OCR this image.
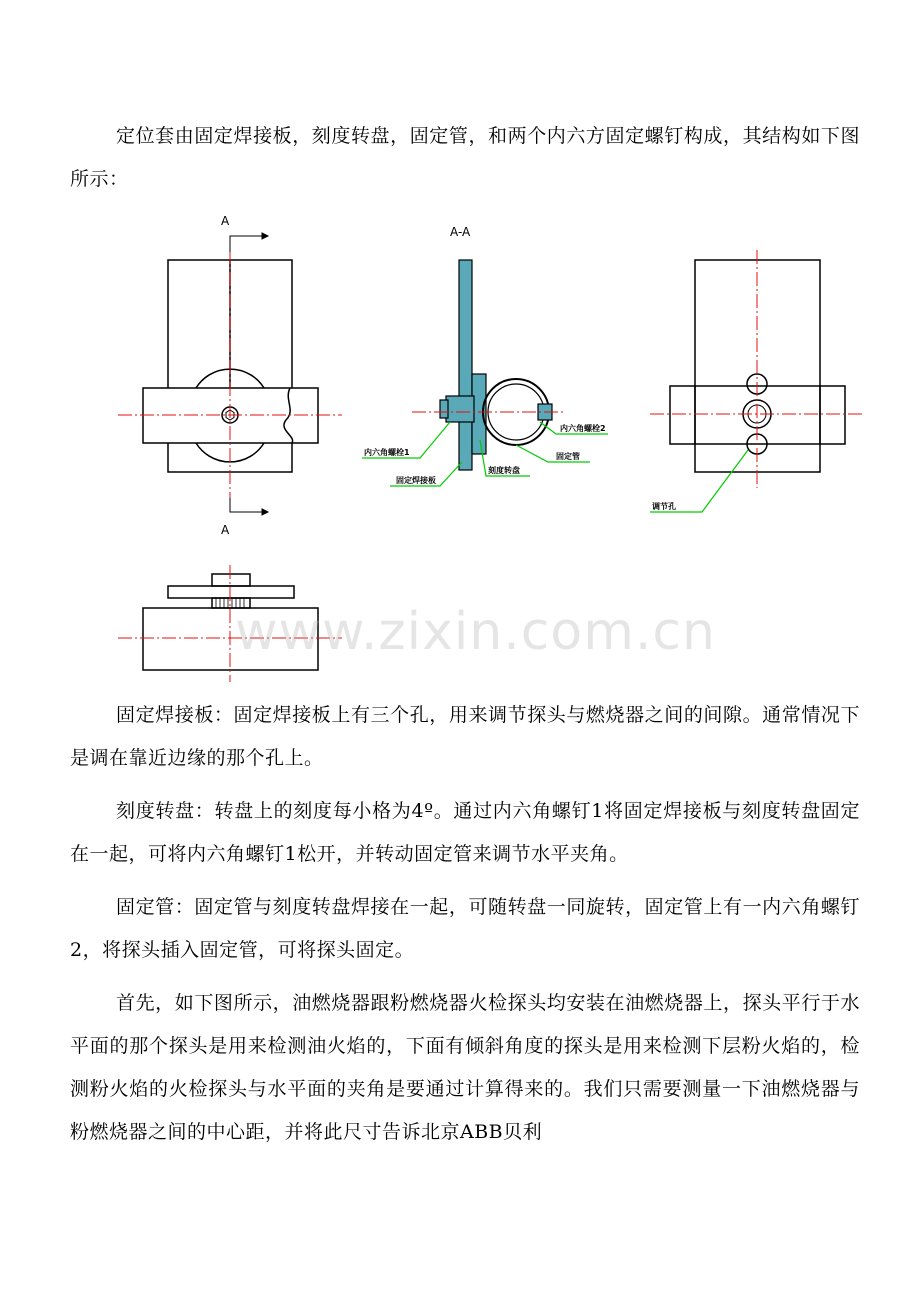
定位套由固定焊接板，刻度转盘，固定管，和两个内六方固定螺钉构成，其结构如下图所示：

A
A
A-A
内六角螺栓1
内六角螺栓2
固定焊接板
刻度转盘
固定管
调节孔
www.zixin.com.cn

固定焊接板：固定焊接板上有三个孔，用来调节探头与燃烧器之间的间隙。通常情况下是调在靠近边缘的那个孔上。

刻度转盘：转盘上的刻度每小格为4º。通过内六角螺钉1将固定焊接板与刻度转盘固定在一起，可将内六角螺钉1松开，并转动固定管来调节水平夹角。

固定管：固定管与刻度转盘焊接在一起，可随转盘一同旋转，固定管上有一内六角螺钉2，将探头插入固定管，可将探头固定。

首先，如下图所示，油燃烧器跟粉燃烧器火检探头均安装在油燃烧器上，探头平行于水平面的那个探头是用来检测油火焰的，下面有倾斜角度的探头是用来检测下层粉火焰的，检测粉火焰的火检探头与水平面的夹角是要通过计算得来的。我们只需要测量一下油燃烧器与粉燃烧器之间的中心距，并将此尺寸告诉北京ABB贝利
